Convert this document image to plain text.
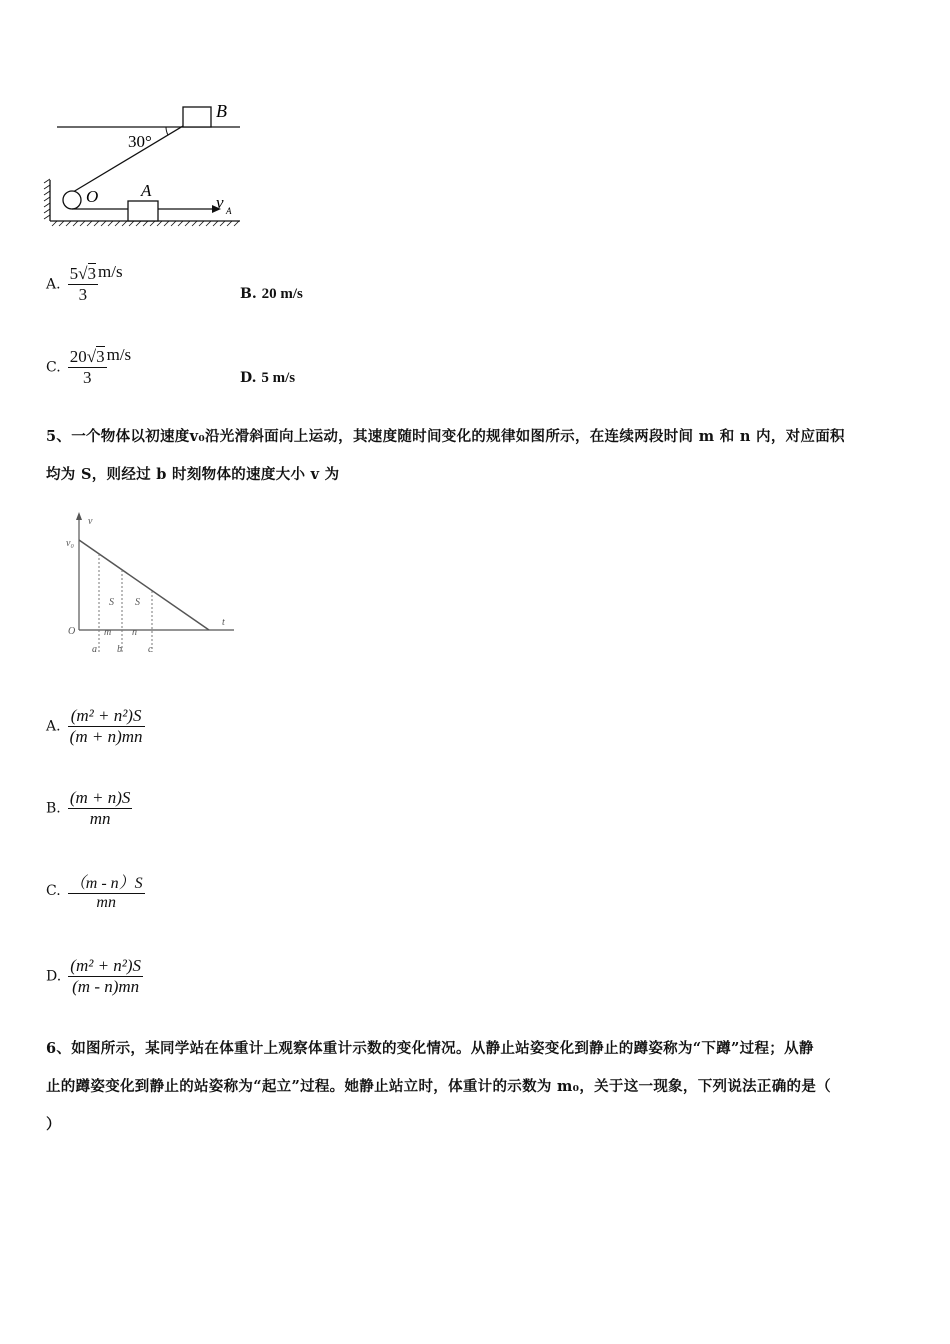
30°
B
O	A
v A
A. $\frac{5√3}{3} m/s$
B. 20 m/s
C. $\frac{20√3}{3} m/s$
D. 5 m/s
5、一个物体以初速度v₀沿光滑斜面向上运动，其速度随时间变化的规律如图所示，在连续两段时间 m 和 n 内，对应面积
均为 S，则经过 b 时刻物体的速度大小 v 为
v
v₀
t
O
S S
m n
a b	c
A. $\frac{\text{(m² + n²)S}}{(m + n)mn}$
B. $\frac{(m + n)S}{mn}$
C. $\frac{(m - n)S}{mn}$
D. $\frac{\text{(m² + n²)S}}{(m - n)mn}$
6、如图所示，某同学站在体重计上观察体重计示数的变化情况。从静止站姿变化到静止的蹲姿称为“下蹲”过程；从静
止的蹲姿变化到静止的站姿称为“起立”过程。她静止站立时，体重计的示数为 m₀，关于这一现象，下列说法正确的是（
）
